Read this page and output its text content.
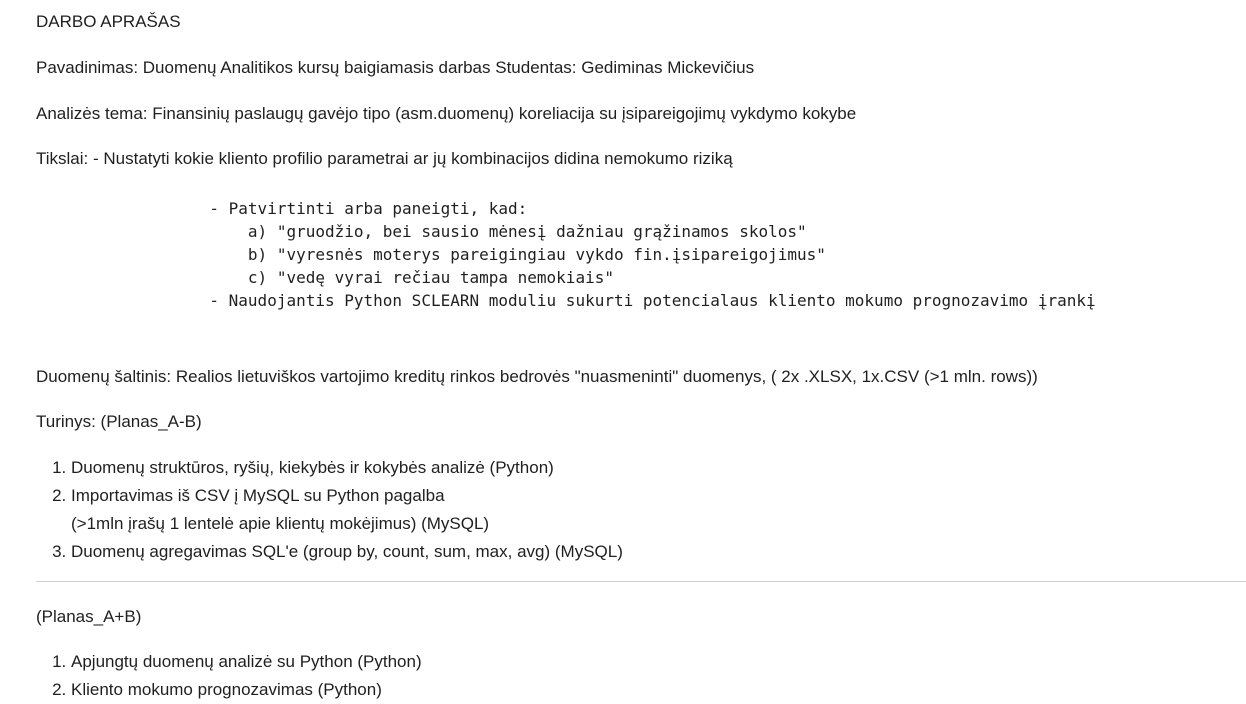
DARBO APRAŠAS

Pavadinimas: Duomenų Analitikos kursų baigiamasis darbas Studentas: Gediminas Mickevičius

Analizės tema: Finansinių paslaugų gavėjo tipo (asm.duomenų) koreliacija su įsipareigojimų vykdymo kokybe

Tikslai: - Nustatyti kokie kliento profilio parametrai ar jų kombinacijos didina nemokumo riziką

- Patvirtinti arba paneigti, kad:
a) "gruodžio, bei sausio mėnesį dažniau grąžinamos skolos"
b) "vyresnės moterys pareigingiau vykdo fin.įsipareigojimus"
c) "vedę vyrai rečiau tampa nemokiais"
- Naudojantis Python SCLEARN moduliu sukurti potencialaus kliento mokumo prognozavimo įrankį

Duomenų šaltinis: Realios lietuviškos vartojimo kreditų rinkos bedrovės "nuasmeninti" duomenys, ( 2x .XLSX, 1x.CSV (>1 mln. rows))

Turinys: (Planas_A-B)

1. Duomenų struktūros, ryšių, kiekybės ir kokybės analizė (Python)
2. Importavimas iš CSV į MySQL su Python pagalba
(>1mln įrašų 1 lentelė apie klientų mokėjimus) (MySQL)
3. Duomenų agregavimas SQL'e (group by, count, sum, max, avg) (MySQL)

(Planas_A+B)

1. Apjungtų duomenų analizė su Python (Python)
2. Kliento mokumo prognozavimas (Python)
